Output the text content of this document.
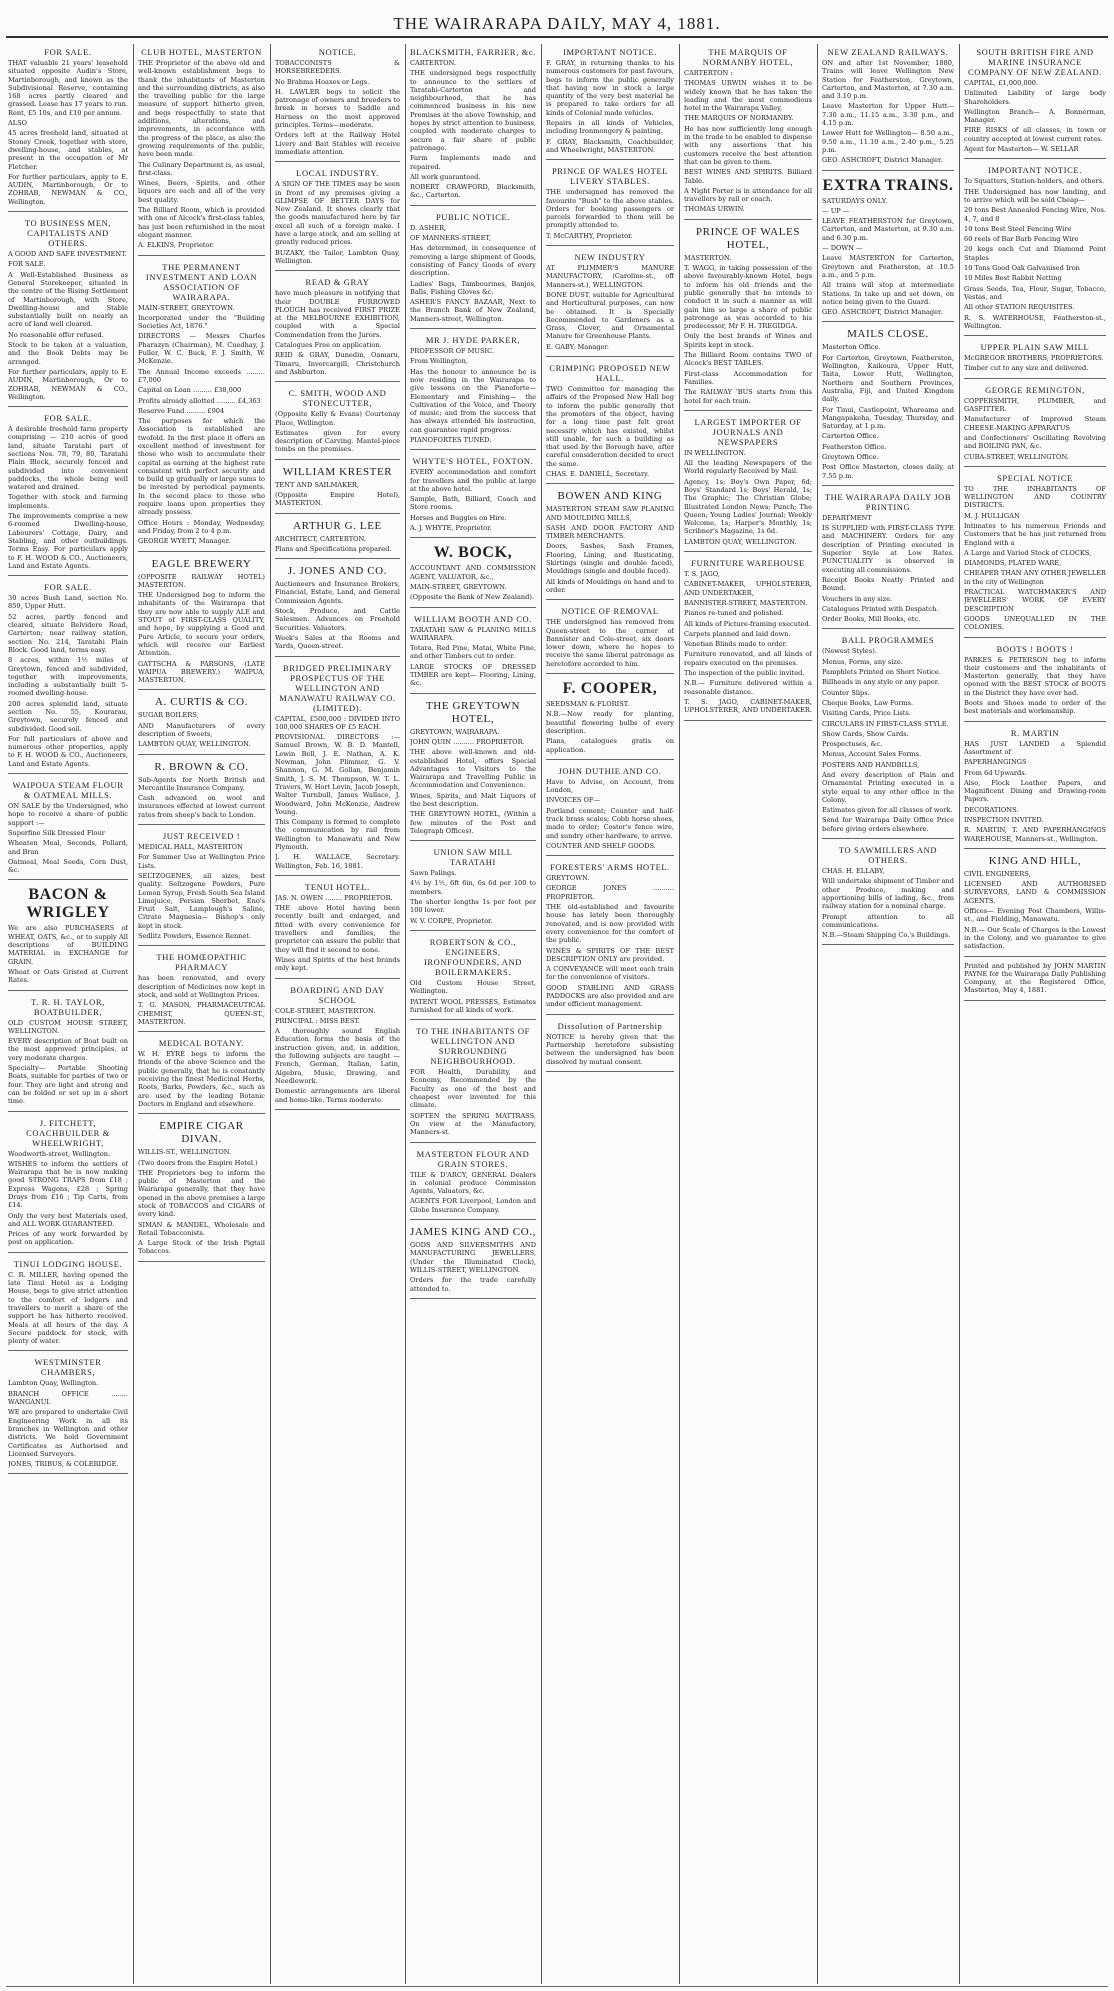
THE WAIRARAPA DAILY, MAY 4, 1881.
FOR SALE.

THAT valuable 21 years' leasehold situated opposite Audin's Store, Martinborough, and known as the Subdivisional Reserve, containing 168 acres partly cleared and grassed. Lease has 17 years to run. Rent, £5 10s, and £10 per annum.

ALSO

45 acres freehold land, situated at Stoney Creek, together with store, dwelling-house, and stables, at present in the occupation of Mr Fletcher.

For further particulars, apply to E. AUDIN, Martinborough, Or to ZOHRAB, NEWMAN & CO., Wellington.

TO BUSINESS MEN, CAPITALISTS AND OTHERS.

A GOOD AND SAFE INVESTMENT.

FOR SALE.

A Well-Established Business as General Storekeeper, situated in the centre of the Rising Settlement of Martinborough, with Store, Dwelling-house and Stable substantially built on nearly an acre of land well cleared.

No reasonable offer refused.

Stock to be taken at a valuation, and the Book Debts may be arranged.

For further particulars, apply to E. AUDIN, Martinborough, Or to ZOHRAB, NEWMAN & CO., Wellington.

FOR SALE.

A desirable freehold farm property comprising — 210 acres of good land, situate Taratahi part of sections Nos. 78, 79, 80, Taratahi Plain Block, securely fenced and subdivided into convenient paddocks, the whole being well watered and drained.

Together with stock and farming implements.

The improvements comprise a new 6-roomed Dwelling-house, Labourers' Cottage, Dairy, and Stabling, and other outbuildings. Terms Easy. For particulars apply to F. H. WOOD & CO., Auctioneers, Land and Estate Agents.

FOR SALE.

30 acres Bush Land, section No. 859, Upper Hutt.

52 acres, partly fenced and cleared, situate Belvidere Road, Carterton; near railway station, section No. 214, Taratahi Plain Block. Good land, terms easy.

8 acres, within 1½ miles of Greytown, fenced and subdivided, together with improvements, including a substantially built 5-roomed dwelling-house.

200 acres splendid land, situate section No. 55, Kourarau, Greytown, securely fenced and subdivided. Good soil.

For full particulars of above and numerous other properties, apply to F. H. WOOD & CO., Auctioneers, Land and Estate Agents.

WAIPOUA STEAM FLOUR & OATMEAL MILLS.

ON SALE by the Undersigned, who hope to receive a share of public support :—

Superfine Silk Dressed Flour

Wheaten Meal, Seconds, Pollard, and Bran

Oatmeal, Meal Seeds, Corn Dust, &c.

BACON & WRIGLEY

We are also PURCHASERS of WHEAT, OATS, &c., or to supply All descriptions of BUILDING MATERIAL in EXCHANGE for GRAIN.

Wheat or Oats Gristed at Current Rates.

T. R. H. TAYLOR, BOATBUILDER,

OLD CUSTOM HOUSE STREET, WELLINGTON.

EVERY description of Boat built on the most approved principles, at very moderate charges.

Specialty— Portable Shooting Boats, suitable for parties of two or four. They are light and strong and can be folded or set up in a short time.

J. FITCHETT, COACHBUILDER & WHEELWRIGHT,

Woodworth-street, Wellington.

WISHES to inform the settlers of Wairarapa that he is now making good STRONG TRAPS from £18 ; Express Wagons, £28 ; Spring Drays from £16 ; Tip Carts, from £14.

Only the very best Materials used, and ALL WORK GUARANTEED.

Prices of any work forwarded by post on application.

TINUI LODGING HOUSE.

C. R. MILLER, having opened the late Tinui Hotel as a Lodging House, begs to give strict attention to the comfort of lodgers and travellers to merit a share of the support he has hitherto received. Meals at all hours of the day. A Secure paddock for stock, with plenty of water.

WESTMINSTER CHAMBERS,

Lambton Quay, Wellington.

BRANCH OFFICE ........ WANGANUI.

WE are prepared to undertake Civil Engineering Work in all its branches in Wellington and other districts. We hold Government Certificates as Authorised and Licensed Surveyors.

JONES, TRIBUS, & COLERIDGE.

CLUB HOTEL, MASTERTON

THE Proprietor of the above old and well-known establishment begs to thank the inhabitants of Masterton and the surrounding districts, as also the travelling public for the large measure of support hitherto given, and begs respectfully to state that additions, alterations, and improvements, in accordance with the progress of the place, as also the growing requirements of the public, have been made.

The Culinary Department is, as usual, first-class.

Wines, Beers, Spirits, and other liquors are each and all of the very best quality.

The Billiard Room, which is provided with one of Alcock's first-class tables, has just been refurnished in the most elegant manner.

A. ELKINS, Proprietor.

THE PERMANENT INVESTMENT AND LOAN ASSOCIATION OF WAIRARAPA.

MAIN-STREET, GREYTOWN.

Incorporated under the "Building Societies Act, 1876."

DIRECTORS — Messrs Charles Pharazyn (Chairman), M. Cuedhay, J. Fuller, W. C. Buck, F. J. Smith, W. McKenzie.

The Annual Income exceeds ......... £7,000

Capital on Loan ......... £38,000

Profits already allotted ......... £4,363

Reserve Fund ......... £904

The purposes for which the Association is established are twofold. In the first place it offers an excellent method of investment for those who wish to accumulate their capital as earning at the highest rate consistent with perfect security and to build up gradually or large sums to be invested by periodical payments. In the second place to those who require loans upon properties they already possess.

Office Hours : Monday, Wednesday, and Friday, from 2 to 4 p.m.

GEORGE WYETT, Manager.

EAGLE BREWERY

(OPPOSITE RAILWAY HOTEL) MASTERTON.

THE Undersigned beg to inform the inhabitants of the Wairarapa that they are now able to supply ALE and STOUT of FIRST-CLASS QUALITY, and hope, by supplying a Good and Pure Article, to secure your orders, which will receive our Earliest Attention.

GATTSCHA & PARSONS, (LATE WAIPUA BREWERY.) WAIPUA, MASTERTON.

A. CURTIS & CO.

SUGAR BOILERS,

AND Manufacturers of every description of Sweets,

LAMBTON QUAY, WELLINGTON.

R. BROWN & CO.

Sub-Agents for North British and Mercantile Insurance Company.

Cash advanced on wool and insurances effected at lowest current rates from sheep's back to London.

JUST RECEIVED !

MEDICAL HALL, MASTERTON

For Summer Use at Wellington Price Lists.

SELTZOGENES, all sizes, best quality. Seltzogene Powders, Pure Lemon Syrup, Fresh South Sea Island Limejuice, Persian Sherbet, Eno's Fruit Salt, Lamplough's Saline, Citrate Magnesia— Bishop's only kept in stock.

Sedlitz Powders, Essence Rennet.

THE HOMŒOPATHIC PHARMACY

has been renovated, and every description of Medicines now kept in stock, and sold at Wellington Prices.

T. G. MASON, PHARMACEUTICAL CHEMIST, QUEEN-ST., MASTERTON.

MEDICAL BOTANY.

W. H. EYRE begs to inform the friends of the above Science and the public generally, that he is constantly receiving the finest Medicinal Herbs, Roots, Barks, Powders, &c., such as are used by the leading Botanic Doctors in England and elsewhere.

EMPIRE CIGAR DIVAN.

WILLIS-ST., WELLINGTON.

(Two doors from the Empire Hotel.)

THE Proprietors beg to inform the public of Masterton and the Wairarapa generally, that they have opened in the above premises a large stock of TOBACCOS and CIGARS of every kind.

SIMAN & MANDEL, Wholesale and Retail Tobacconists.

A Large Stock of the Irish Pigtail Tobaccos.

NOTICE.

TOBACCONISTS & HORSEBREEDERS.

No Brahma Hoaxes or Legs.

H. LAWLER begs to solicit the patronage of owners and breeders to break in horses to Saddle and Harness on the most approved principles. Terms—moderate.

Orders left at the Railway Hotel Livery and Bait Stables will receive immediate attention.

LOCAL INDUSTRY.

A SIGN OF THE TIMES may be seen in front of my premises giving a GLIMPSE OF BETTER DAYS for New Zealand. It shows clearly that the goods manufactured here by far excel all such of a foreign make. I have a large stock, and am selling at greatly reduced prices.

BUZAKY, the Tailor, Lambton Quay, Wellington.

READ & GRAY

have much pleasure in notifying that their DOUBLE FURROWED PLOUGH has received FIRST PRIZE at the MELBOURNE EXHIBITION, coupled with a Special Commendation from the Jurors.

Catalogues Free on application.

REID & GRAY, Dunedin, Oamaru, Timaru, Invercargill, Christchurch and Ashburton.

C. SMITH, WOOD AND STONECUTTER,

(Opposite Kelly & Evans) Courtenay Place, Wellington.

Estimates given for every description of Carving. Mantel-piece tombs on the premises.

WILLIAM KRESTER

TENT AND SAILMAKER,

(Opposite Empire Hotel), MASTERTON.

ARTHUR G. LEE

ARCHITECT, CARTERTON.

Plans and Specifications prepared.

J. JONES AND CO.

Auctioneers and Insurance Brokers, Financial, Estate, Land, and General Commission Agents.

Stock, Produce, and Cattle Salesmen. Advances on Freehold Securities. Valuators.

Week's Sales at the Rooms and Yards, Queen-street.

BRIDGED PRELIMINARY PROSPECTUS OF THE WELLINGTON AND MANAWATU RAILWAY CO. (LIMITED).

CAPITAL, £500,000 : DIVIDED INTO 100,000 SHARES OF £5 EACH.

PROVISIONAL DIRECTORS :— Samuel Brown, W. B. D. Mantell, Lewin Bell, J. E. Nathan, A. K. Newman, John Plimmer, G. V. Shannon, G. M. Gollan, Benjamin Smith, J. S. M. Thompson, W. T. L. Travers, W. Hort Levin, Jacob Joseph, Walter Turnbull, James Wallace, J. Woodward, John McKenzie, Andrew Young.

This Company is formed to complete the communication by rail from Wellington to Manawatu and New Plymouth.

J. H. WALLACE, Secretary. Wellington, Feb. 16, 1881.

TENUI HOTEL.

JAS. N. OWEN ........ PROPRIETOR.

THE above Hotel having been recently built and enlarged, and fitted with every convenience for travellers and families, the proprietor can assure the public that they will find it second to none.

Wines and Spirits of the best brands only kept.

BOARDING AND DAY SCHOOL

COLE-STREET, MASTERTON.

PRINCIPAL : MISS BEST.

A thoroughly sound English Education forms the basis of the instruction given, and, in addition, the following subjects are taught — French, German, Italian, Latin, Algebra, Music, Drawing, and Needlework.

Domestic arrangements are liberal and home-like. Terms moderate.

BLACKSMITH, FARRIER, &c.

CARTERTON.

THE undersigned begs respectfully to announce to the settlers of Taratahi-Carterton and neighbourhood, that he has commenced business in his new Premises at the above Township, and hopes by strict attention to business, coupled with moderate charges to secure a fair share of public patronage.

Farm Implements made and repaired.

All work guaranteed.

ROBERT CRAWFORD, Blacksmith, &c., Carterton.

PUBLIC NOTICE.

D. ASHER,

OF MANNERS-STREET,

Has determined, in consequence of removing a large shipment of Goods, consisting of Fancy Goods of every description.

Ladies' Bags, Tambourines, Banjos, Balls, Fishing Gloves &c.

ASHER'S FANCY BAZAAR, Next to the Branch Bank of New Zealand, Manners-street, Wellington.

MR J. HYDE PARKER,

PROFESSOR OF MUSIC.

From Wellington,

Has the honour to announce he is now residing in the Wairarapa to give lessons on the Pianoforte— Elementary and Finishing— the Cultivation of the Voice, and Theory of music; and from the success that has always attended his instruction, can guarantee rapid progress.

PIANOFORTES TUNED.

WHYTE'S HOTEL, FOXTON.

EVERY accommodation and comfort for travellers and the public at large at the above hotel.

Sample, Bath, Billiard, Coach and Store rooms.

Horses and Buggies on Hire.

A. J. WHYTE, Proprietor.

W. BOCK,

ACCOUNTANT AND COMMISSION AGENT, VALUATOR, &c.,

MAIN-STREET, GREYTOWN.

(Opposite the Bank of New Zealand).

WILLIAM BOOTH AND CO.

TARATAHI SAW & PLANING MILLS WAIRARAPA.

Totara, Red Pine, Matai, White Pine, and other Timbers cut to order.

LARGE STOCKS OF DRESSED TIMBER are kept— Flooring, Lining, &c.

THE GREYTOWN HOTEL,

GREYTOWN, WAIRARAPA.

JOHN QUIN .......... PROPRIETOR.

THE above well-known and old-established Hotel, offers Special Advantages to Visitors to the Wairarapa and Travelling Public in Accommodation and Convenience.

Wines, Spirits, and Malt Liquors of the best description.

THE GREYTOWN HOTEL, (Within a few minutes of the Post and Telegraph Offices).

UNION SAW MILL TARATAHI

Sawn Palings.

4½ by 1½, 6ft 6in, 6s 6d per 100 to members.

The shorter lengths 1s per foot per 100 lower.

W. V. CORPE, Proprietor.

ROBERTSON & CO., ENGINEERS, IRONFOUNDERS, AND BOILERMAKERS.

Old Custom House Street, Wellington.

PATENT WOOL PRESSES, Estimates furnished for all kinds of work.

TO THE INHABITANTS OF WELLINGTON AND SURROUNDING NEIGHBOURHOOD.

FOR Health, Durability, and Economy, Recommended by the Faculty as one of the best and cheapest over invented for this climate.

SOFTEN the SPRING MATTRASS. On view at the Manufactory, Manners-st.

MASTERTON FLOUR AND GRAIN STORES.

TILE & D'ARCY, GENERAL Dealers in colonial produce Commission Agents, Valuators, &c.

AGENTS FOR Liverpool, London and Globe Insurance Company.

JAMES KING AND CO.,

GODS AND SILVERSMITHS AND MANUFACTURING JEWELLERS, (Under the Illuminated Clock), WILLIS-STREET, WELLINGTON.

Orders for the trade carefully attended to.

IMPORTANT NOTICE.

F. GRAY, in returning thanks to his numerous customers for past favours, begs to inform the public generally that having now in stock a large quantity of the very best material he is prepared to take orders for all kinds of Colonial made vehicles.

Repairs in all kinds of Vehicles, including Ironmongery & painting.

F. GRAY, Blacksmith, Coachbuilder, and Wheelwright, MASTERTON.

PRINCE OF WALES HOTEL LIVERY STABLES.

THE undersigned has removed the favourite "Bush" to the above stables. Orders for booking passengers or parcels forwarded to them will be promptly attended to.

T. McCARTHY, Proprietor.

NEW INDUSTRY

AT PLIMMER'S MANURE MANUFACTORY, (Caroline-st., off Manners-st.), WELLINGTON.

BONE DUST, suitable for Agricultural and Horticultural purposes, can now be obtained. It is Specially Recommended to Gardeners as a Grass, Clover, and Ornamental Manure for Greenhouse Plants.

E. GABY, Manager.

CRIMPING PROPOSED NEW HALL.

TWO Committee for managing the affairs of the Proposed New Hall beg to inform the public generally that the promoters of the object, having for a long time past felt great necessity which has existed, whilst still unable, for such a building as that used by the Borough have, after careful consideration decided to erect the same.

CHAS. E. DANIELL, Secretary.

BOWEN AND KING

MASTERTON STEAM SAW PLANING AND MOULDING MILLS,

SASH AND DOOR FACTORY AND TIMBER MERCHANTS.

Doors, Sashes, Sash Frames, Flooring, Lining, and Rusticating, Skirtings (single and double faced), Mouldings (single and double faced).

All kinds of Mouldings on hand and to order.

NOTICE OF REMOVAL

THE undersigned has removed from Queen-street to the corner of Bannister and Cole-street, six doors lower down, where he hopes to receive the same liberal patronage as heretofore accorded to him.

F. COOPER,

SEEDSMAN & FLORIST.

N.B.—Now ready for planting, beautiful flowering bulbs of every description.

Plans, catalogues gratis on application.

JOHN DUTHIE AND CO.

Have to Advise, on Account, from London,

INVOICES OF—

Portland cement; Counter and half-track brass scales; Cobb horse shoes, made to order; Coster's fence wire, and sundry other hardware, to arrive.

COUNTER AND SHELF GOODS.

FORESTERS' ARMS HOTEL.

GREYTOWN.

GEORGE JONES .......... PROPRIETOR.

THE old-established and favourite house has lately been thoroughly renovated, and is now provided with every convenience for the comfort of the public.

WINES & SPIRITS OF THE BEST DESCRIPTION ONLY are provided.

A CONVEYANCE will meet each train for the convenience of visitors.

GOOD STABLING AND GRASS PADDOCKS are also provided and are under efficient management.

Dissolution of Partnership

NOTICE is hereby given that the Partnership heretofore subsisting between the undersigned has been dissolved by mutual consent.

THE MARQUIS OF NORMANBY HOTEL,

CARTERTON :

THOMAS URWIN wishes it to be widely known that he has taken the leading and the most commodious hotel in the Wairarapa Valley,

THE MARQUIS OF NORMANBY.

He has now sufficiently long enough in the trade to be enabled to dispense with any assertions that his customers receive the best attention that can be given to them.

BEST WINES AND SPIRITS. Billiard Table.

A Night Porter is in attendance for all travellers by rail or coach.

THOMAS URWIN.

PRINCE OF WALES HOTEL,

MASTERTON.

T. WAGG, in taking possession of the above favourably-known Hotel, begs to inform his old friends and the public generally that he intends to conduct it in such a manner as will gain him so large a share of public patronage as was accorded to his predecessor, Mr F. H. TREGIDGA.

Only the best brands of Wines and Spirits kept in stock.

The Billiard Room contains TWO of Alcock's BEST TABLES.

First-class Accommodation for Families.

The RAILWAY 'BUS starts from this hotel for each train.

LARGEST IMPORTER OF JOURNALS AND NEWSPAPERS

IN WELLINGTON.

All the leading Newspapers of the World regularly Received by Mail.

Agency, 1s; Boy's Own Paper, 6d; Boys' Standard 1s; Boys' Herald, 1s; The Graphic; The Christian Globe; Illustrated London News; Punch; The Queen; Young Ladies' Journal; Weekly Welcome, 1s; Harper's Monthly, 1s; Scribner's Magazine, 1s 6d.

LAMBTON QUAY, WELLINGTON.

FURNITURE WAREHOUSE

T. S. JAGO,

CABINET-MAKER, UPHOLSTERER, AND UNDERTAKER,

BANNISTER-STREET, MASTERTON.

Pianos re-tuned and polished.

All kinds of Picture-framing executed.

Carpets planned and laid down.

Venetian Blinds made to order.

Furniture renovated, and all kinds of repairs executed on the premises.

The inspection of the public invited.

N.B.— Furniture delivered within a reasonable distance.

T. S. JAGO, CABINET-MAKER, UPHOLSTERER, AND UNDERTAKER.

NEW ZEALAND RAILWAYS.

ON and after 1st November, 1880, Trains will leave Wellington New Station for Featherston, Greytown, Carterton, and Masterton, at 7.30 a.m. and 3.10 p.m.

Leave Masterton for Upper Hutt— 7.30 a.m., 11.15 a.m., 3.30 p.m., and 4.15 p.m.

Lower Hutt for Wellington— 8.50 a.m., 9.50 a.m., 11.10 a.m., 2.40 p.m., 5.25 p.m.

GEO. ASHCROFT, District Manager.

EXTRA TRAINS.

SATURDAYS ONLY.

— UP —

LEAVE FEATHERSTON for Greytown, Carterton, and Masterton, at 9.30 a.m. and 6.30 p.m.

— DOWN —

Leave MASTERTON for Carterton, Greytown and Featherston, at 10.5 a.m., and 5 p.m.

All trains will stop at intermediate Stations. In take up and set down, on notice being given to the Guard.

GEO. ASHCROFT, District Manager.

MAILS CLOSE.

Masterton Office.

For Carterton, Greytown, Featherston, Wellington, Kaikoura, Upper Hutt, Taita, Lower Hutt, Wellington, Northern and Southern Provinces, Australia, Fiji, and United Kingdom daily.

For Tinui, Castlepoint, Whareama and Mangapakeha, Tuesday, Thursday, and Saturday, at 1 p.m.

Carterton Office.

Featherston Office.

Greytown Office.

Post Office Masterton, closes daily, at 7.55 p.m.

THE WAIRARAPA DAILY JOB PRINTING

DEPARTMENT

IS SUPPLIED with FIRST-CLASS TYPE and MACHINERY. Orders for any description of Printing executed in Superior Style at Low Rates. PUNCTUALITY is observed in executing all commissions.

Receipt Books Neatly Printed and Bound.

Vouchers in any size.

Catalogues Printed with Despatch.

Order Books, Mill Books, etc.

BALL PROGRAMMES

(Newest Styles).

Menus, Forms, any size.

Pamphlets Printed on Short Notice.

Billheads in any style or any paper.

Counter Slips.

Cheque Books, Law Forms.

Visiting Cards, Price Lists.

CIRCULARS IN FIRST-CLASS STYLE.

Show Cards, Show Cards.

Prospectuses, &c.

Menus, Account Sales Forms.

POSTERS AND HANDBILLS,

And every description of Plain and Ornamental Printing executed in a style equal to any other office in the Colony.

Estimates given for all classes of work.

Send for Wairarapa Daily Office Price before giving orders elsewhere.

TO SAWMILLERS AND OTHERS.

CHAS. H. ELLABY,

Will undertake shipment of Timber and other Produce, making and apportioning bills of lading, &c., from railway station for a nominal charge.

Prompt attention to all communications.

N.B.—Steam Shipping Co.'s Buildings.

SOUTH BRITISH FIRE AND MARINE INSURANCE COMPANY OF NEW ZEALAND.

CAPITAL, £1,000,000.

Unlimited Liability of large body Shareholders.

Wellington Branch— A. Bonnerman, Manager.

FIRE RISKS of all classes, in town or country accepted at lowest current rates.

Agent for Masterton— W. SELLAR

IMPORTANT NOTICE.

To Squatters, Station-holders, and others.

THE Undersigned has now landing, and to arrive which will be sold Cheap—

20 tons Best Annealed Fencing Wire, Nos. 4, 7, and 8

10 tons Best Steel Fencing Wire

60 reels of Bar Barb Fencing Wire

20 kegs each Cut and Diamond Point Staples

10 Tons Good Oak Galvanised Iron

10 Miles Best Rabbit Netting

Grass Seeds, Tea, Flour, Sugar, Tobacco, Vestas, and

All other STATION REQUISITES.

R. S. WATERHOUSE, Featherston-st., Wellington.

UPPER PLAIN SAW MILL

McGREGOR BROTHERS, PROPRIETORS.

Timber cut to any size and delivered.

GEORGE REMINGTON,

COPPERSMITH, PLUMBER, and GASFITTER.

Manufacturer of Improved Steam CHEESE-MAKING APPARATUS

and Confectioners' Oscillating Revolving and BOILING PAN, &c.

CUBA-STREET, WELLINGTON.

SPECIAL NOTICE

TO THE INHABITANTS OF WELLINGTON AND COUNTRY DISTRICTS.

M. J. HULLIGAN

Intimates to his numerous Friends and Customers that he has just returned from England with a

A Large and Varied Stock of CLOCKS,

DIAMONDS, PLATED WARE,

CHEAPER THAN ANY OTHER JEWELLER in the city of Wellington

PRACTICAL WATCHMAKER'S AND JEWELLERS' WORK OF EVERY DESCRIPTION

GOODS UNEQUALLED IN THE COLONIES.

BOOTS ! BOOTS !

PARKES & PETERSON beg to inform their customers and the inhabitants of Masterton generally, that they have opened with the BEST STOCK of BOOTS in the District they have ever had.

Boots and Shoes made to order of the best materials and workmanship.

R. MARTIN

HAS JUST LANDED a Splendid Assortment of

PAPERHANGINGS

From 6d Upwards.

Also, Flock Leather Papers, and Magnificent Dining and Drawing-room Papers.

DECORATIONS.

INSPECTION INVITED.

R. MARTIN, T. AND PAPERHANGINGS WAREHOUSE, Manners-st., Wellington.

KING AND HILL,

CIVIL ENGINEERS,

LICENSED AND AUTHORISED SURVEYORS, LAND & COMMISSION AGENTS.

Offices— Evening Post Chambers, Willis-st., and Fielding, Manawatu.

N.B.— Our Scale of Charges is the Lowest in the Colony, and we guarantee to give satisfaction.

Printed and published by JOHN MARTIN PAYNE for the Wairarapa Daily Publishing Company, at the Registered Office, Masterton, May 4, 1881.
